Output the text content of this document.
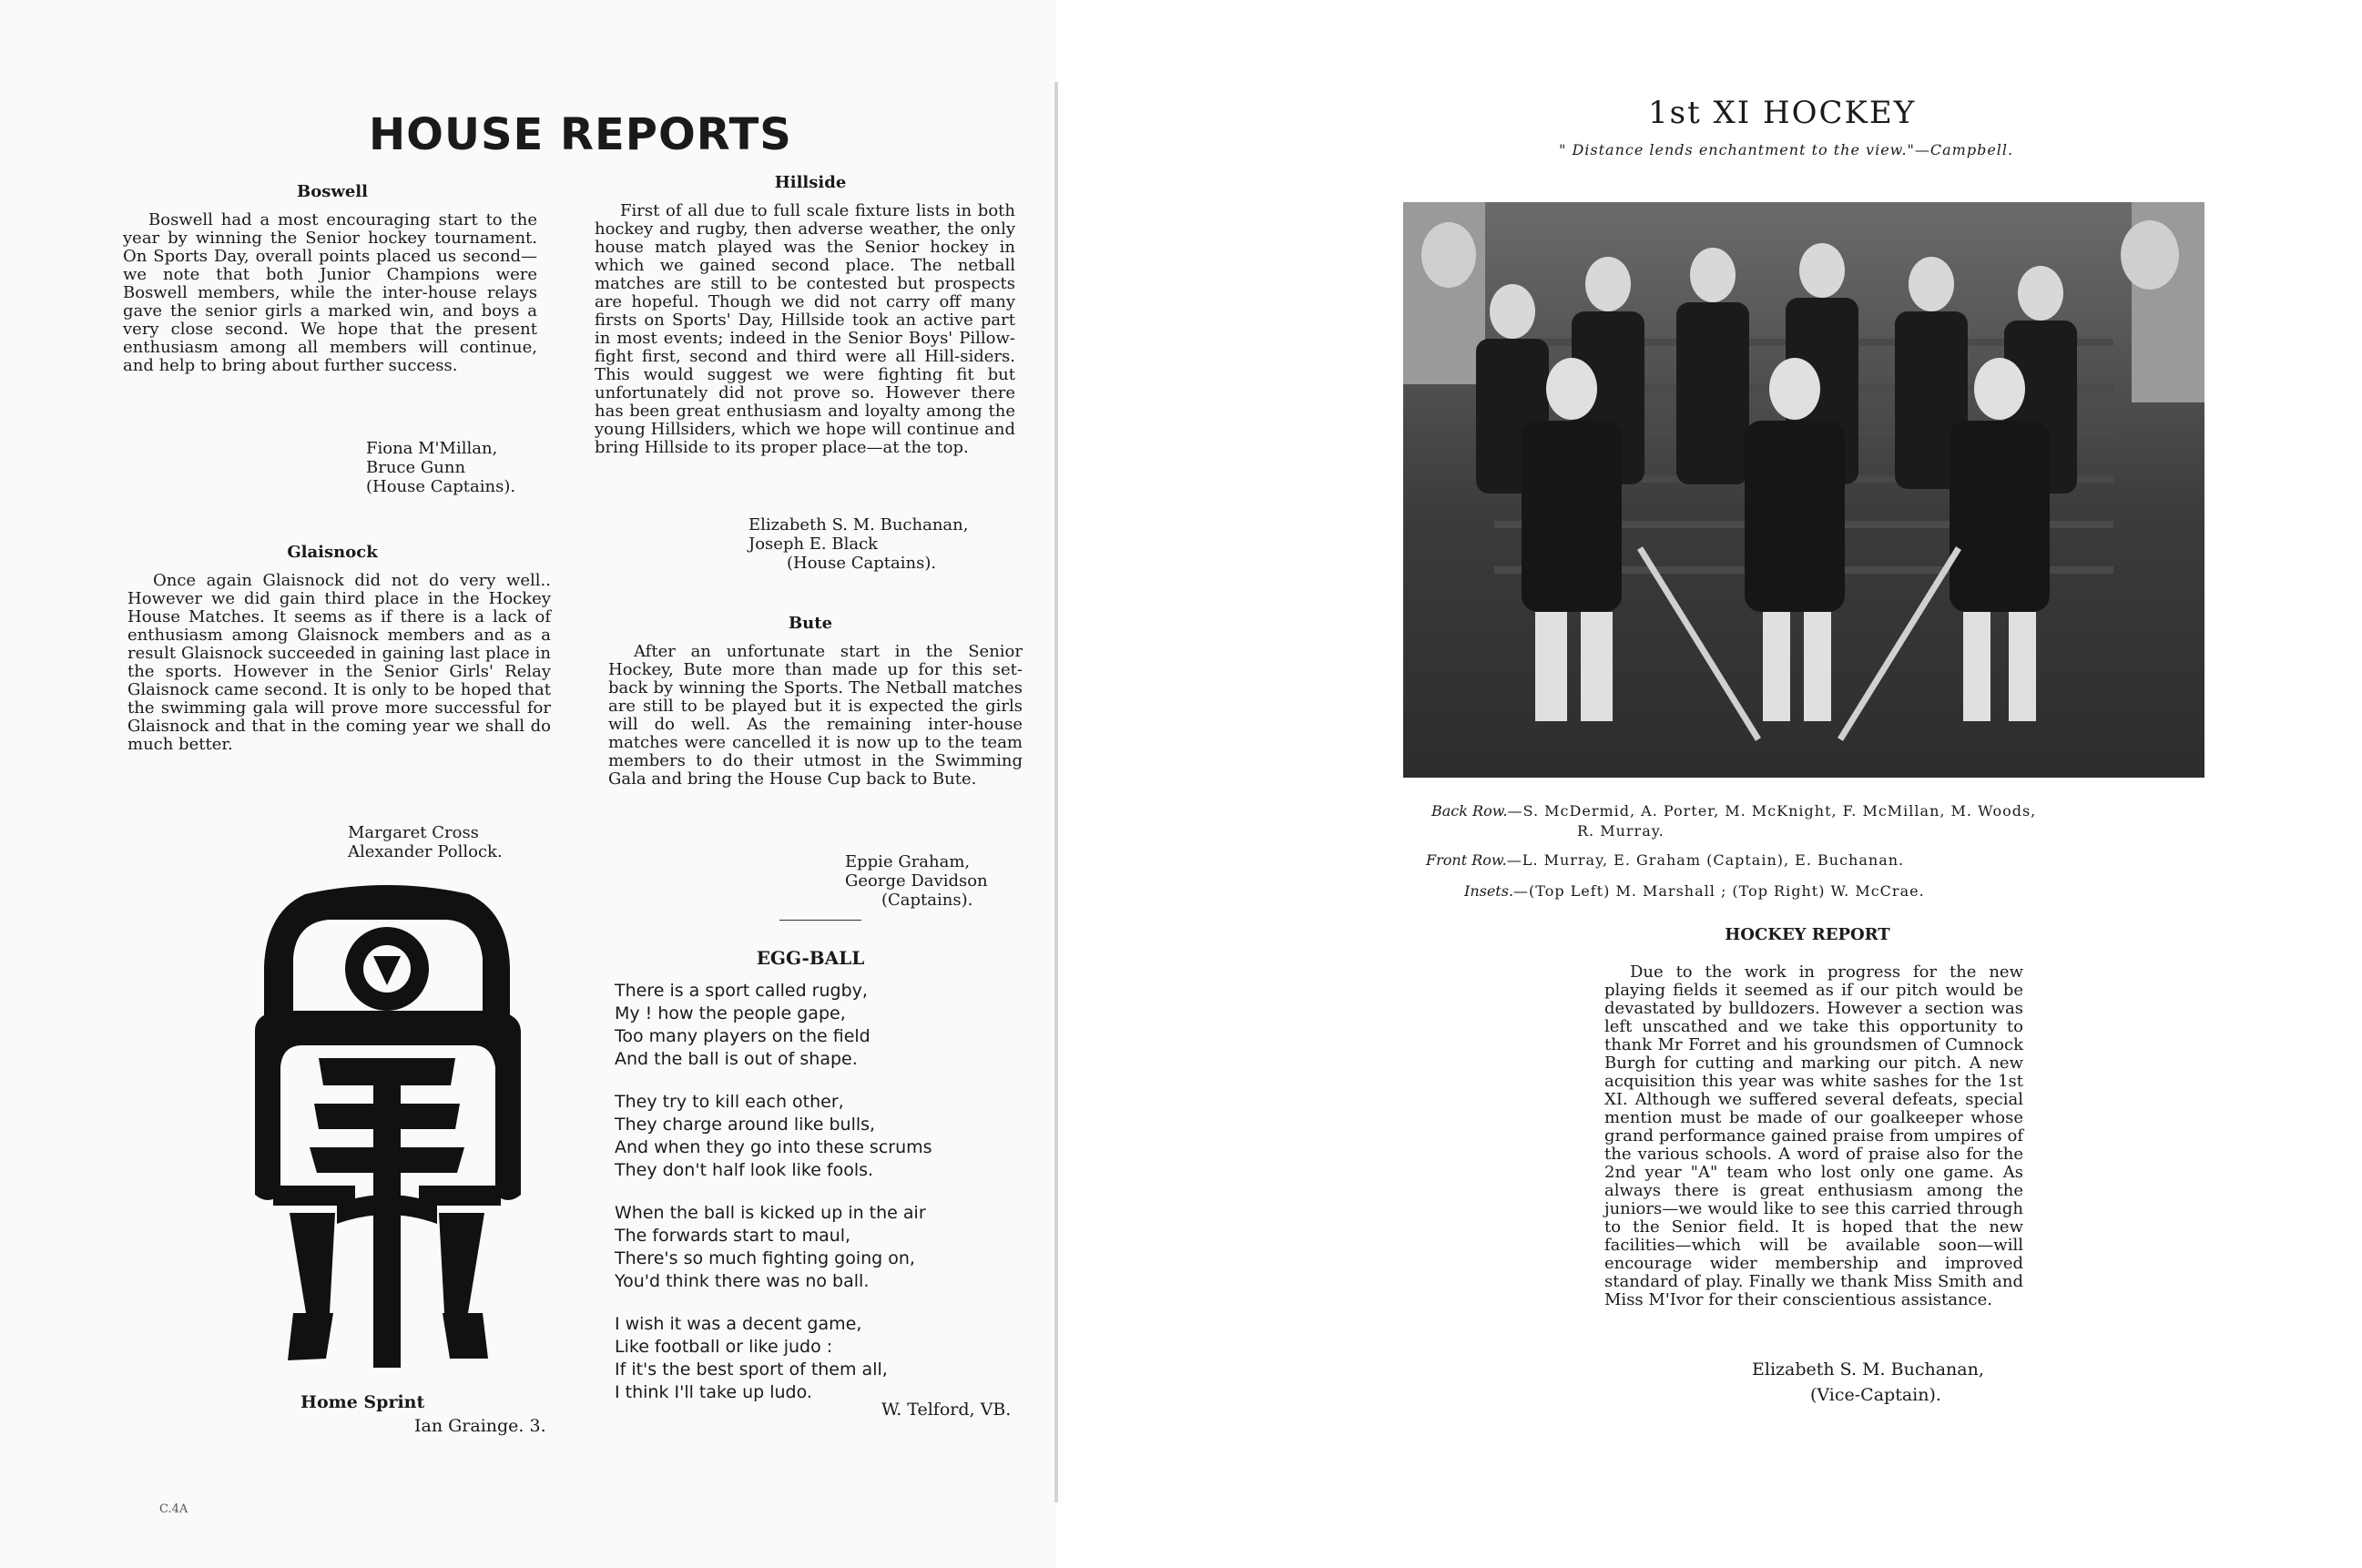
HOUSE REPORTS
Boswell

Boswell had a most encouraging start to the year by winning the Senior hockey tournament. On Sports Day, overall points placed us second—we note that both Junior Champions were Boswell members, while the inter-house relays gave the senior girls a marked win, and boys a very close second. We hope that the present enthusiasm among all members will continue, and help to bring about further success.

Fiona M'Millan,
Bruce Gunn
(House Captains).
Glaisnock

Once again Glaisnock did not do very well.. However we did gain third place in the Hockey House Matches. It seems as if there is a lack of enthusiasm among Glaisnock members and as a result Glaisnock succeeded in gaining last place in the sports. However in the Senior Girls' Relay Glaisnock came second. It is only to be hoped that the swimming gala will prove more successful for Glaisnock and that in the coming year we shall do much better.

Margaret Cross
Alexander Pollock.
Hillside

First of all due to full scale fixture lists in both hockey and rugby, then adverse weather, the only house match played was the Senior hockey in which we gained second place. The netball matches are still to be contested but prospects are hopeful. Though we did not carry off many firsts on Sports' Day, Hillside took an active part in most events; indeed in the Senior Boys' Pillow-fight first, second and third were all Hill-siders. This would suggest we were fighting fit but unfortunately did not prove so. However there has been great enthusiasm and loyalty among the young Hillsiders, which we hope will continue and bring Hillside to its proper place—at the top.

Elizabeth S. M. Buchanan,
Joseph E. Black
(House Captains).
Bute

After an unfortunate start in the Senior Hockey, Bute more than made up for this set-back by winning the Sports. The Netball matches are still to be played but it is expected the girls will do well. As the remaining inter-house matches were cancelled it is now up to the team members to do their utmost in the Swimming Gala and bring the House Cup back to Bute.

Eppie Graham,
George Davidson
(Captains).
EGG-BALL
There is a sport called rugby,
My ! how the people gape,
Too many players on the field
And the ball is out of shape.
They try to kill each other,
They charge around like bulls,
And when they go into these scrums
They don't half look like fools.
When the ball is kicked up in the air
The forwards start to maul,
There's so much fighting going on,
You'd think there was no ball.
I wish it was a decent game,
Like football or like judo :
If it's the best sport of them all,
I think I'll take up ludo.
W. Telford, VB.
Home Sprint
Ian Grainge. 3.
C.4A
1st XI HOCKEY
" Distance lends enchantment to the view."—Campbell.
Back Row.—S. McDermid, A. Porter, M. McKnight, F. McMillan, M. Woods,
R. Murray.
Front Row.—L. Murray, E. Graham (Captain), E. Buchanan.
Insets.—(Top Left) M. Marshall ; (Top Right) W. McCrae.
HOCKEY REPORT

Due to the work in progress for the new playing fields it seemed as if our pitch would be devastated by bulldozers. However a section was left unscathed and we take this opportunity to thank Mr Forret and his groundsmen of Cumnock Burgh for cutting and marking our pitch. A new acquisition this year was white sashes for the 1st XI. Although we suffered several defeats, special mention must be made of our goalkeeper whose grand performance gained praise from umpires of the various schools. A word of praise also for the 2nd year "A" team who lost only one game. As always there is great enthusiasm among the juniors—we would like to see this carried through to the Senior field. It is hoped that the new facilities—which will be available soon—will encourage wider membership and improved standard of play. Finally we thank Miss Smith and Miss M'Ivor for their conscientious assistance.

Elizabeth S. M. Buchanan,
(Vice-Captain).
